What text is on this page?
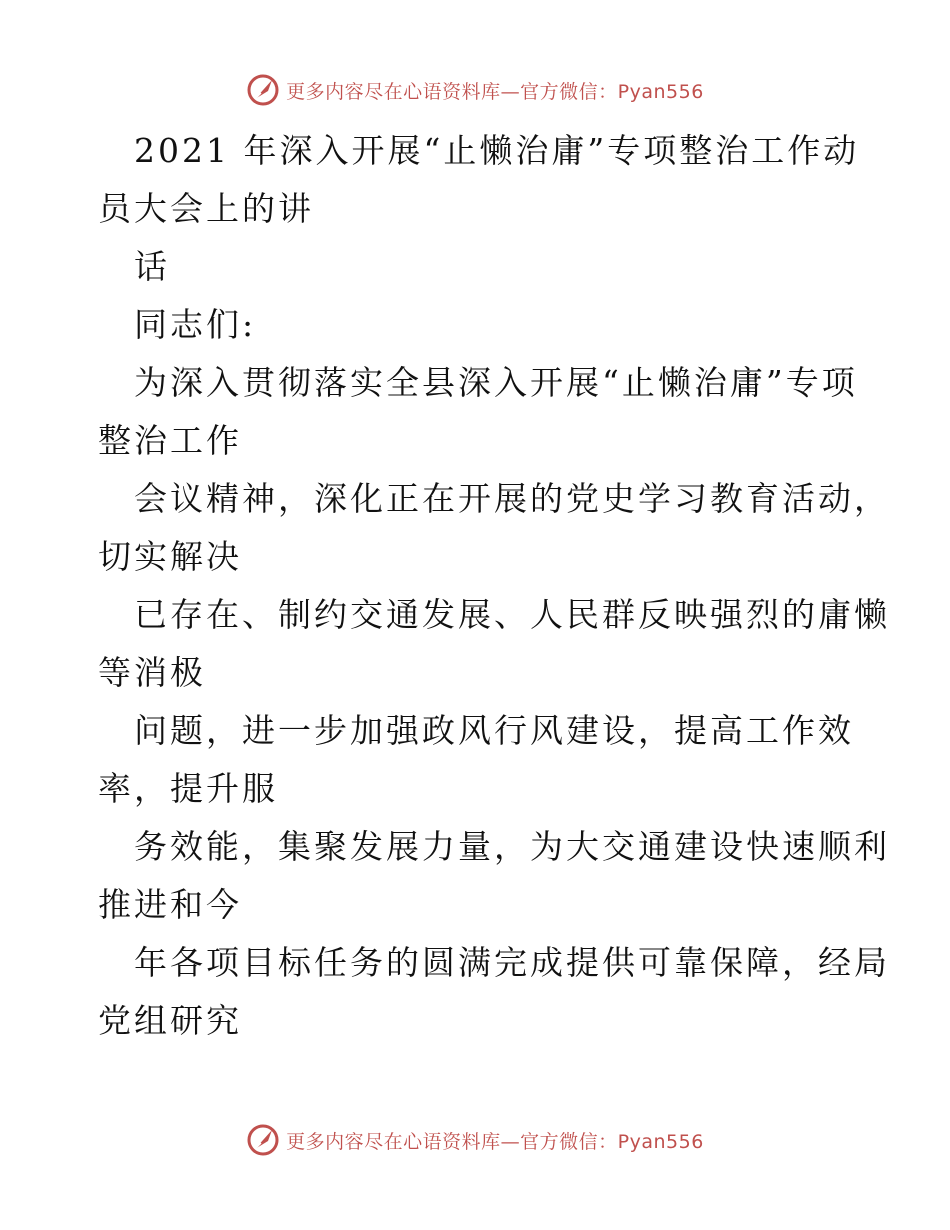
更多内容尽在心语资料库—官方微信：Pyan556
2021 年深入开展“止懒治庸”专项整治工作动
员大会上的讲
话
同志们:
为深入贯彻落实全县深入开展“止懒治庸”专项
整治工作
会议精神，深化正在开展的党史学习教育活动，
切实解决
已存在、制约交通发展、人民群反映强烈的庸懒
等消极
问题，进一步加强政风行风建设，提高工作效
率，提升服
务效能，集聚发展力量，为大交通建设快速顺利
推进和今
年各项目标任务的圆满完成提供可靠保障，经局
党组研究
更多内容尽在心语资料库—官方微信：Pyan556
